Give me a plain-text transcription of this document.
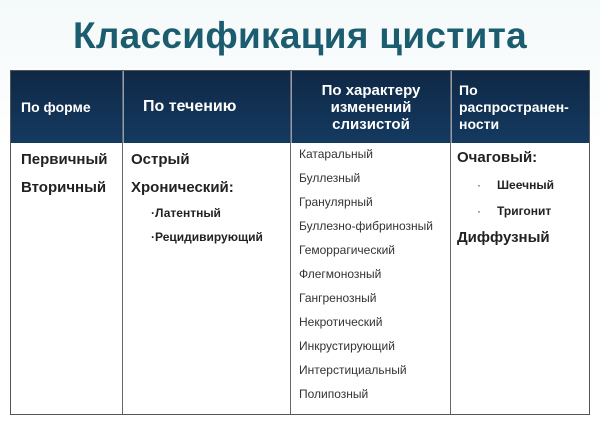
Классификация цистита
По форме	По течению
По характеру изменений слизистой
По распространен-ности
Первичный
Вторичный
Острый
Хронический:
·Латентный
·Рецидивирующий
Катаральный
Буллезный
Гранулярный
Буллезно-фибринозный
Геморрагический
Флегмонозный
Гангренозный
Некротический
Инкрустирующий
Интерстициальный
Полипозный
Очаговый:
· Шеечный
· Тригонит
Диффузный
